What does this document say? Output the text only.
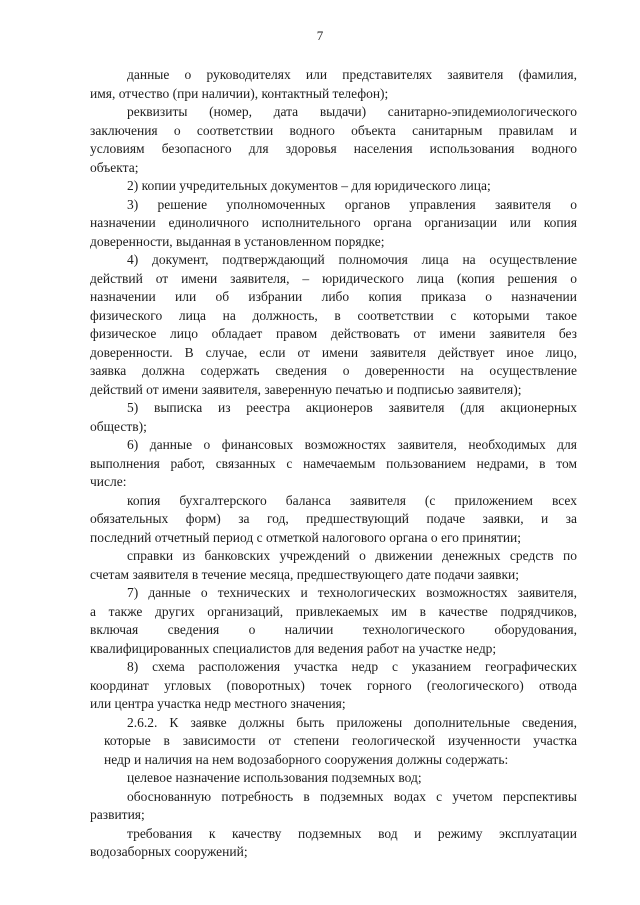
7
данные о руководителях или представителях заявителя (фамилия,
имя, отчество (при наличии), контактный телефон);
реквизиты (номер, дата выдачи) санитарно-эпидемиологического
заключения о соответствии водного объекта санитарным правилам и
условиям безопасного для здоровья населения использования водного
объекта;
2) копии учредительных документов – для юридического лица;
3) решение уполномоченных органов управления заявителя о
назначении единоличного исполнительного органа организации или копия
доверенности, выданная в установленном порядке;
4) документ, подтверждающий полномочия лица на осуществление
действий от имени заявителя, – юридического лица (копия решения о
назначении или об избрании либо копия приказа о назначении
физического лица на должность, в соответствии с которыми такое
физическое лицо обладает правом действовать от имени заявителя без
доверенности. В случае, если от имени заявителя действует иное лицо,
заявка должна содержать сведения о доверенности на осуществление
действий от имени заявителя, заверенную печатью и подписью заявителя);
5) выписка из реестра акционеров заявителя (для акционерных
обществ);
6) данные о финансовых возможностях заявителя, необходимых для
выполнения работ, связанных с намечаемым пользованием недрами, в том
числе:
копия бухгалтерского баланса заявителя (с приложением всех
обязательных форм) за год, предшествующий подаче заявки, и за
последний отчетный период с отметкой налогового органа о его принятии;
справки из банковских учреждений о движении денежных средств по
счетам заявителя в течение месяца, предшествующего дате подачи заявки;
7) данные о технических и технологических возможностях заявителя,
а также других организаций, привлекаемых им в качестве подрядчиков,
включая сведения о наличии технологического оборудования,
квалифицированных специалистов для ведения работ на участке недр;
8) схема расположения участка недр с указанием географических
координат угловых (поворотных) точек горного (геологического) отвода
или центра участка недр местного значения;
2.6.2. К заявке должны быть приложены дополнительные сведения,
которые в зависимости от степени геологической изученности участка
недр и наличия на нем водозаборного сооружения должны содержать:
целевое назначение использования подземных вод;
обоснованную потребность в подземных водах с учетом перспективы
развития;
требования к качеству подземных вод и режиму эксплуатации
водозаборных сооружений;
